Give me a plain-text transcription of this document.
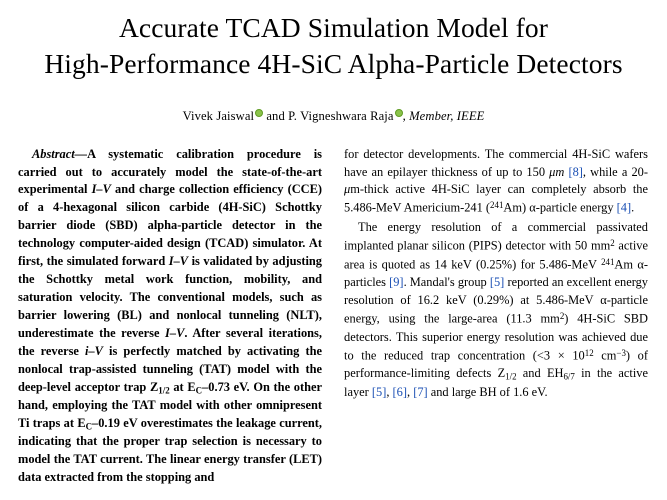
Accurate TCAD Simulation Model for
High-Performance 4H-SiC Alpha-Particle Detectors
Vivek Jaiswal and P. Vigneshwara Raja , Member, IEEE

Abstract—A systematic calibration procedure is carried out to accurately model the state-of-the-art experimental I–V and charge collection efficiency (CCE) of a 4-hexagonal silicon carbide (4H-SiC) Schottky barrier diode (SBD) alpha-particle detector in the technology computer-aided design (TCAD) simulator. At first, the simulated forward I–V is validated by adjusting the Schottky metal work function, mobility, and saturation velocity. The conventional models, such as barrier lowering (BL) and nonlocal tunneling (NLT), underestimate the reverse I–V. After several iterations, the reverse i–V is perfectly matched by activating the nonlocal trap-assisted tunneling (TAT) model with the deep-level acceptor trap $Z_{1/2}$ at $E_C-0.73$ eV. On the other hand, employing the TAT model with other omnipresent Ti traps at $E_C-0.19$ eV overestimates the leakage current, indicating that the proper trap selection is necessary to model the TAT current. The linear energy transfer (LET) data extracted from the stopping and

for detector developments. The commercial 4H-SiC wafers have an epilayer thickness of up to 150 μm [8], while a 20-μm-thick active 4H-SiC layer can completely absorb the 5.486-MeV Americium-241 ($^{241}$Am) α-particle energy [4].

The energy resolution of a commercial passivated implanted planar silicon (PIPS) detector with 50 $mm^2$ active area is quoted as 14 keV (0.25%) for 5.486-MeV $^{241}$Am α-particles [9]. Mandal's group [5] reported an excellent energy resolution of 16.2 keV (0.29%) at 5.486-MeV α-particle energy, using the large-area (11.3 $mm^2$) 4H-SiC SBD detectors. This superior energy resolution was achieved due to the reduced trap concentration ($<3 \times 10^{12}$ $cm^{-3}$) of performance-limiting defects $Z_{1/2}$ and $EH_{6/7}$ in the active layer [5], [6], [7] and large BH of 1.6 eV.
